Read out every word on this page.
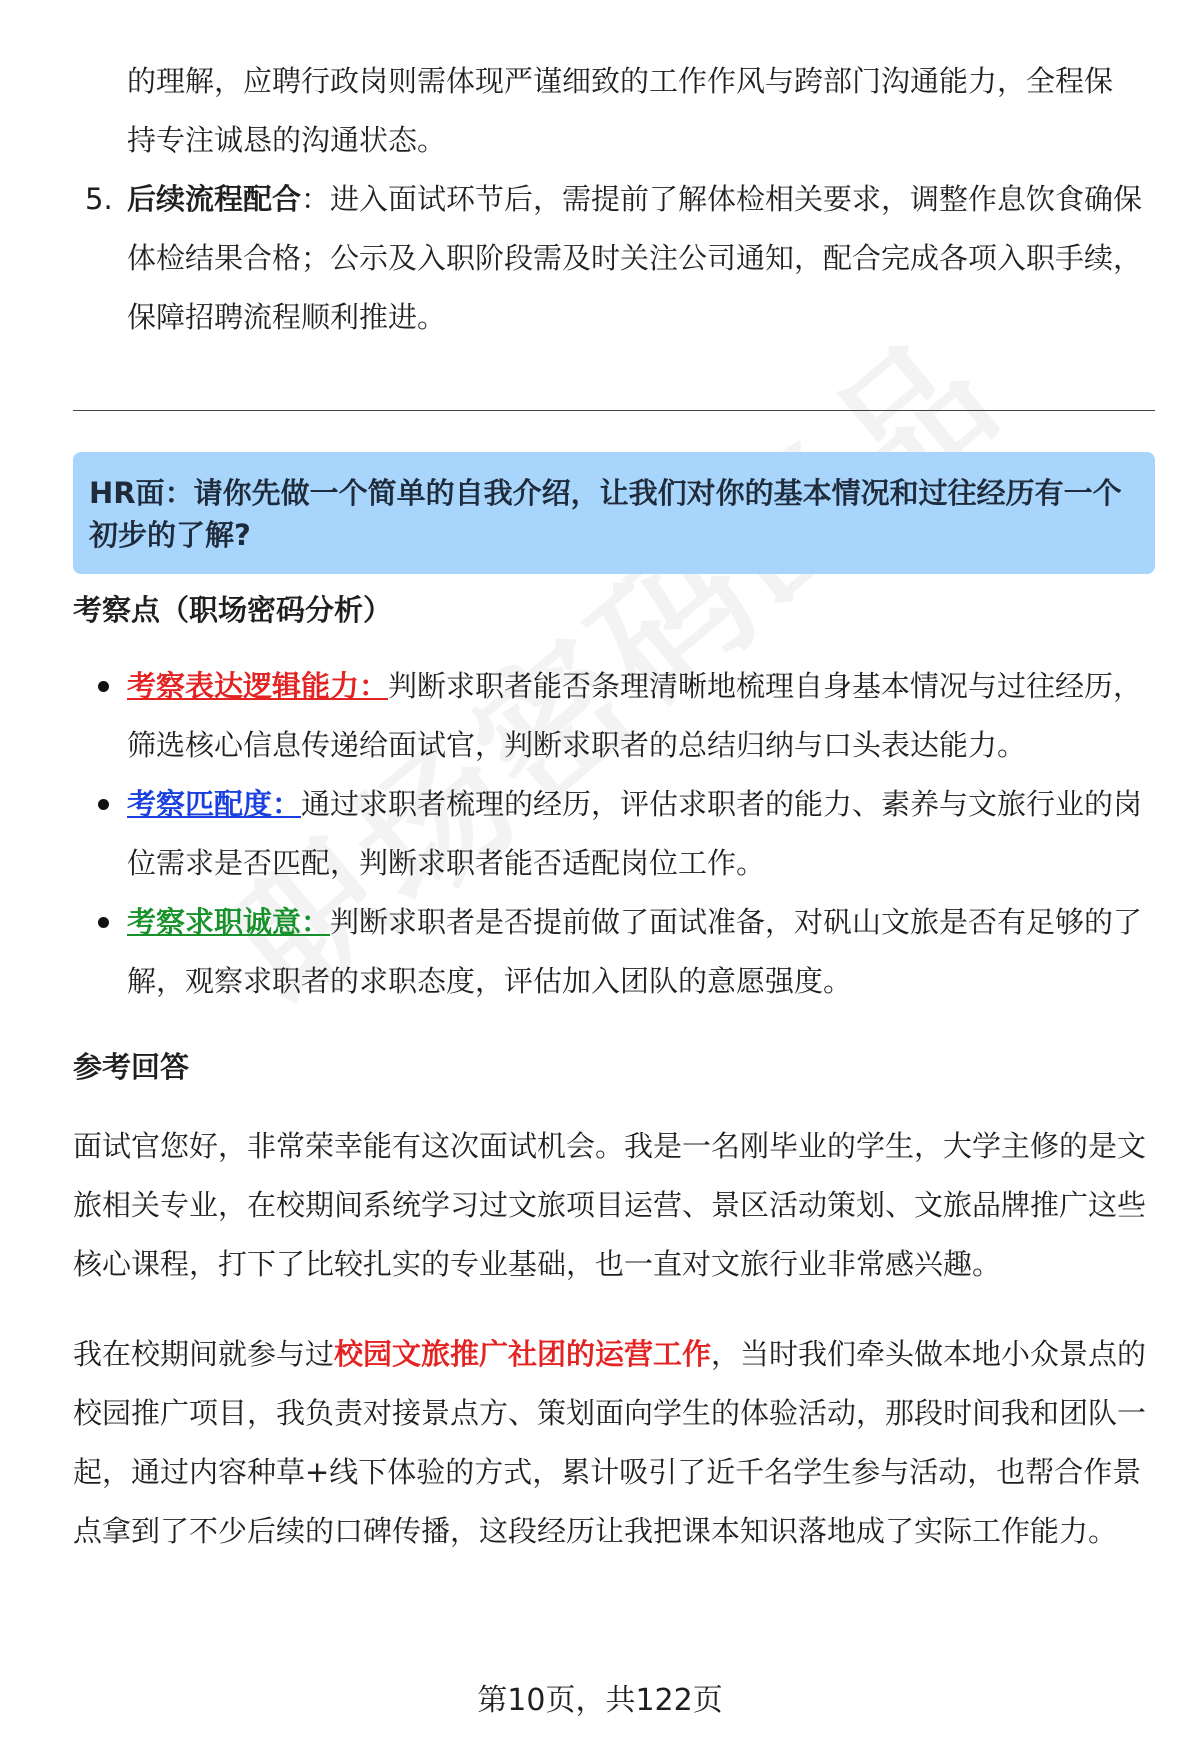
的理解，应聘行政岗则需体现严谨细致的工作作风与跨部门沟通能力，全程保

持专注诚恳的沟通状态。

5. 后续流程配合：进入面试环节后，需提前了解体检相关要求，调整作息饮食确保体检结果合格；公示及入职阶段需及时关注公司通知，配合完成各项入职手续，保障招聘流程顺利推进。
HR面：请你先做一个简单的自我介绍，让我们对你的基本情况和过往经历有一个初步的了解?
考察点（职场密码分析）
考察表达逻辑能力：判断求职者能否条理清晰地梳理自身基本情况与过往经历，筛选核心信息传递给面试官，判断求职者的总结归纳与口头表达能力。
考察匹配度：通过求职者梳理的经历，评估求职者的能力、素养与文旅行业的岗位需求是否匹配，判断求职者能否适配岗位工作。
考察求职诚意：判断求职者是否提前做了面试准备，对矾山文旅是否有足够的了解，观察求职者的求职态度，评估加入团队的意愿强度。
参考回答
面试官您好，非常荣幸能有这次面试机会。我是一名刚毕业的学生，大学主修的是文旅相关专业，在校期间系统学习过文旅项目运营、景区活动策划、文旅品牌推广这些核心课程，打下了比较扎实的专业基础，也一直对文旅行业非常感兴趣。
我在校期间就参与过校园文旅推广社团的运营工作，当时我们牵头做本地小众景点的校园推广项目，我负责对接景点方、策划面向学生的体验活动，那段时间我和团队一起，通过内容种草+线下体验的方式，累计吸引了近千名学生参与活动，也帮合作景点拿到了不少后续的口碑传播，这段经历让我把课本知识落地成了实际工作能力。
第10页，共122页
